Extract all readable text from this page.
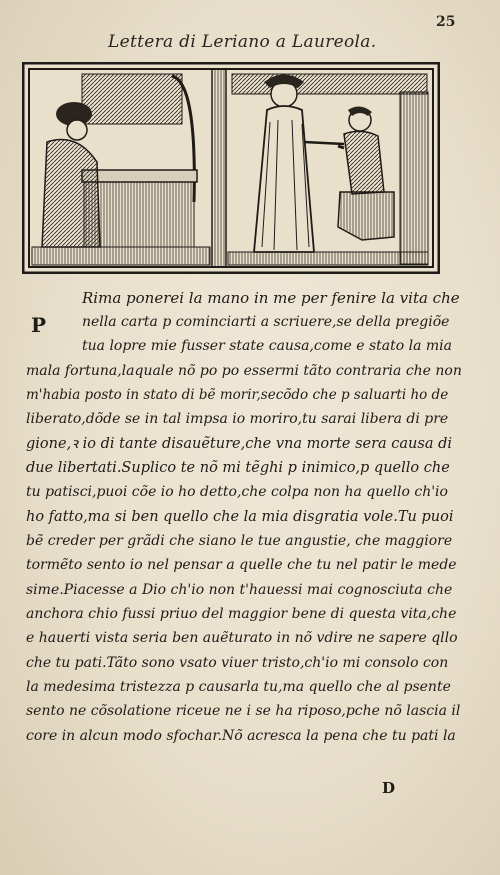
Lettera di Leriano a Laureola.
25
P
Rima ponerei la mano in me per fenire la vita che
nella carta p cominciarti a scriuere,se della pregiõe
tua lopre mie fusser state causa,come e stato la mia
mala fortuna,laquale nõ po po essermi tãto contraria che non
m'habia posto in stato di bẽ morir,secõdo che p saluarti ho de
liberato,dõde se in tal impsa io moriro,tu sarai libera di pre
gione,ꝛ io di tante disauẽture,che vna morte sera causa di
due libertati.Suplico te nõ mi tẽghi p inimico,p quello che
tu patisci,puoi cõe io ho detto,che colpa non ha quello ch'io
ho fatto,ma si ben quello che la mia disgratia vole.Tu puoi
bẽ creder per grãdi che siano le tue angustie, che maggiore
tormẽto sento io nel pensar a quelle che tu nel patir le mede
sime.Piacesse a Dio ch'io non t'hauessi mai cognosciuta che
anchora chio fussi priuo del maggior bene di questa vita,che
e hauerti vista seria ben auẽturato in nõ vdire ne sapere qllo
che tu pati.Tãto sono vsato viuer tristo,ch'io mi consolo con
la medesima tristezza p causarla tu,ma quello che al psente
sento ne cõsolatione riceue ne i se ha riposo,pche nõ lascia il
core in alcun modo sfochar.Nõ acresca la pena che tu pati la
D
